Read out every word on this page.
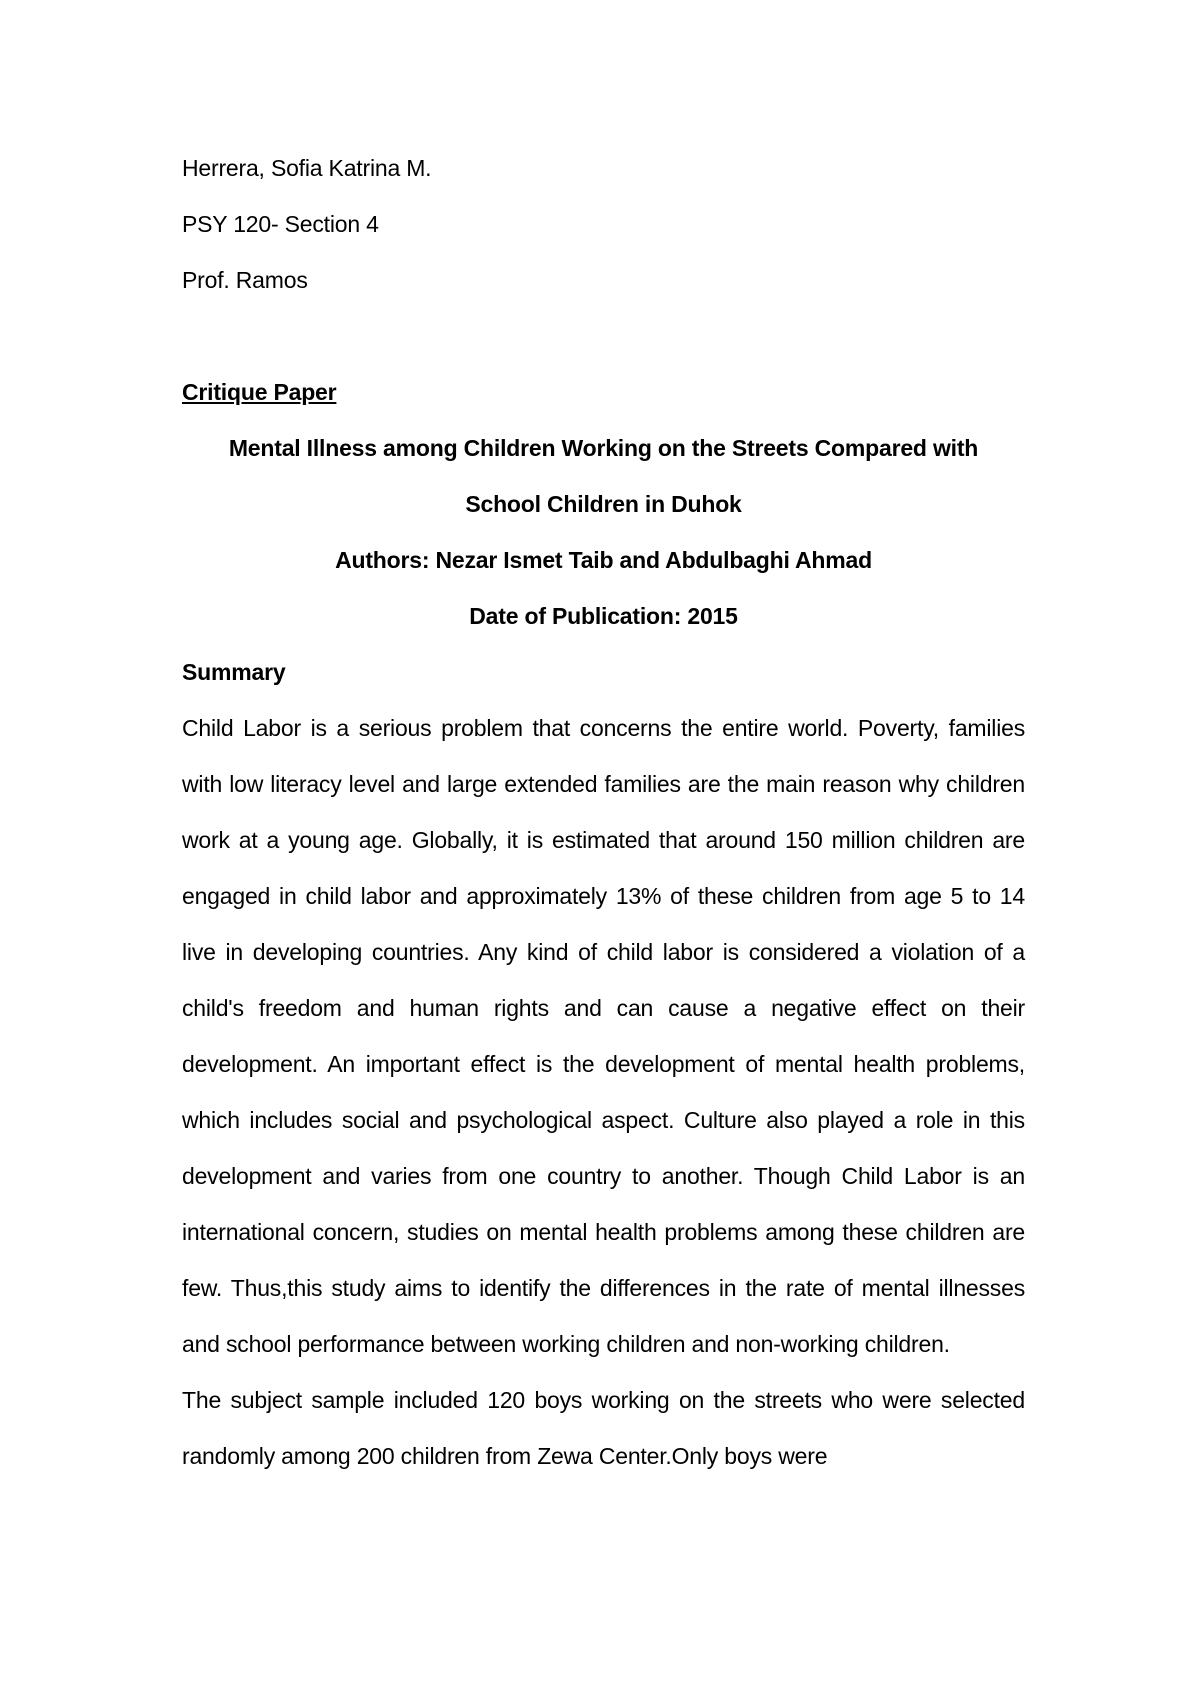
Herrera, Sofia Katrina M.

PSY 120- Section 4

Prof. Ramos

Critique Paper

Mental Illness among Children Working on the Streets Compared with

School Children in Duhok

Authors: Nezar Ismet Taib and Abdulbaghi Ahmad

Date of Publication: 2015

Summary

Child Labor is a serious problem that concerns the entire world. Poverty, families with low literacy level and large extended families are the main reason why children work at a young age. Globally, it is estimated that around 150 million children are engaged in child labor and approximately 13% of these children from age 5 to 14 live in developing countries. Any kind of child labor is considered a violation of a child's freedom and human rights and can cause a negative effect on their development. An important effect is the development of mental health problems, which includes social and psychological aspect. Culture also played a role in this development and varies from one country to another. Though Child Labor is an international concern, studies on mental health problems among these children are few. Thus,this study aims to identify the differences in the rate of mental illnesses and school performance between working children and non-working children.

The subject sample included 120 boys working on the streets who were selected randomly among 200 children from Zewa Center.Only boys were
